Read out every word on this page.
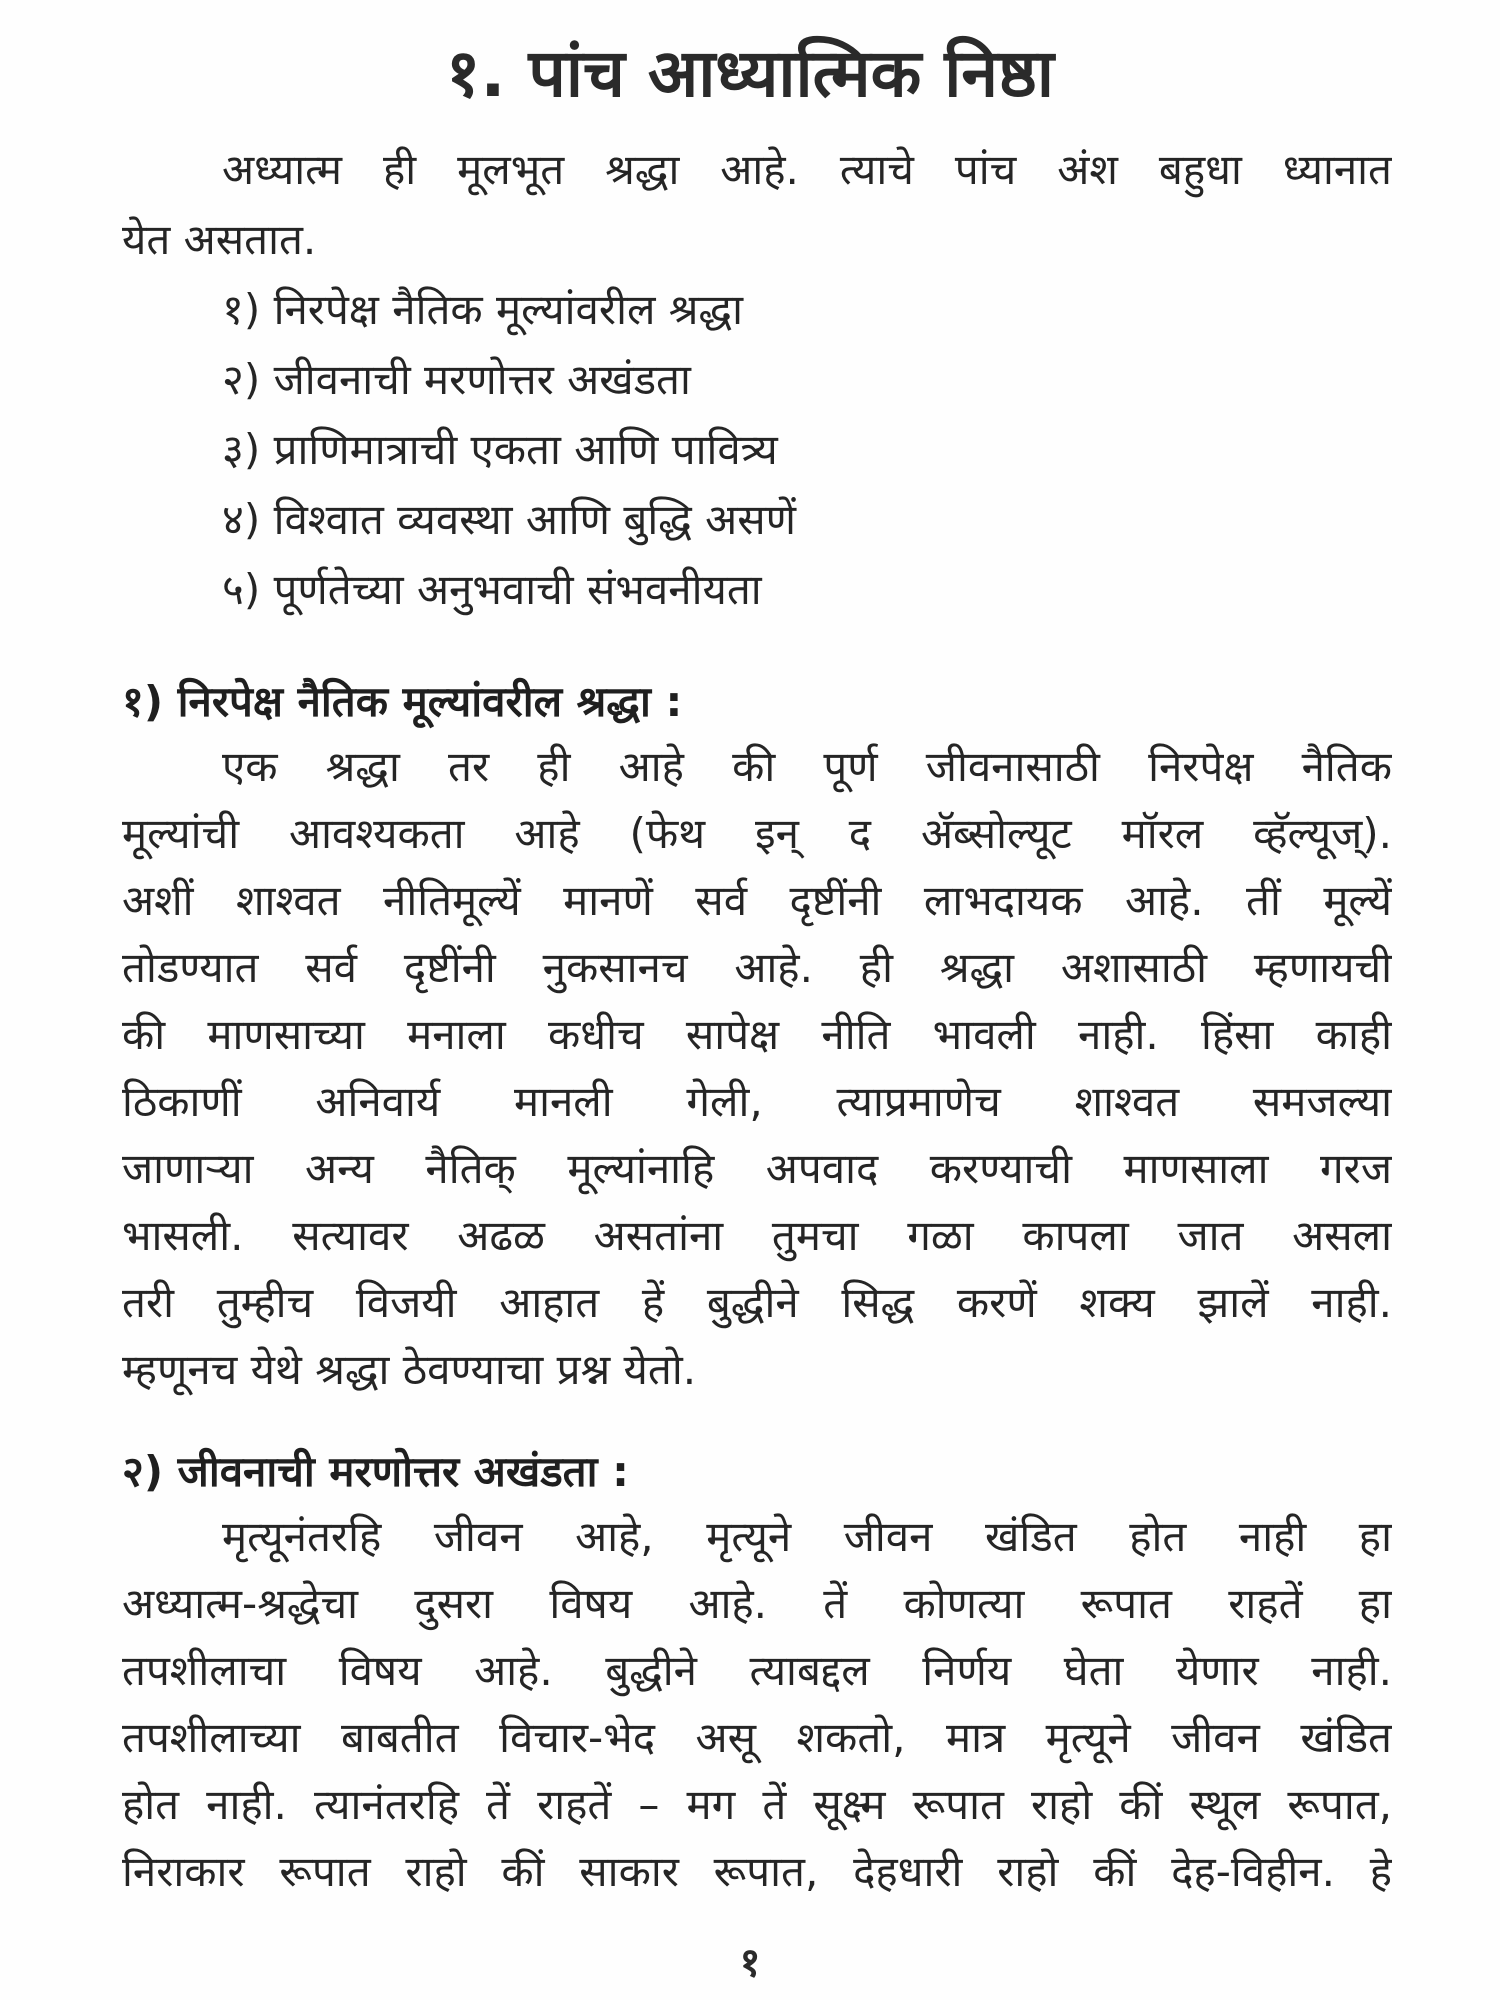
१. पांच आध्यात्मिक निष्ठा
अध्यात्म ही मूलभूत श्रद्धा आहे. त्याचे पांच अंश बहुधा ध्यानात
येत असतात.
१) निरपेक्ष नैतिक मूल्यांवरील श्रद्धा
२) जीवनाची मरणोत्तर अखंडता
३) प्राणिमात्राची एकता आणि पावित्र्य
४) विश्वात व्यवस्था आणि बुद्धि असणें
५) पूर्णतेच्या अनुभवाची संभवनीयता
१) निरपेक्ष नैतिक मूल्यांवरील श्रद्धा :
एक श्रद्धा तर ही आहे की पूर्ण जीवनासाठी निरपेक्ष नैतिक
मूल्यांची आवश्यकता आहे (फेथ इन् द ॲब्सोल्यूट मॉरल व्हॅल्यूज्).
अशीं शाश्वत नीतिमूल्यें मानणें सर्व दृष्टींनी लाभदायक आहे. तीं मूल्यें
तोडण्यात सर्व दृष्टींनी नुकसानच आहे. ही श्रद्धा अशासाठी म्हणायची
की माणसाच्या मनाला कधीच सापेक्ष नीति भावली नाही. हिंसा काही
ठिकाणीं अनिवार्य मानली गेली, त्याप्रमाणेच शाश्वत समजल्या
जाणाऱ्या अन्य नैतिक् मूल्यांनाहि अपवाद करण्याची माणसाला गरज
भासली. सत्यावर अढळ असतांना तुमचा गळा कापला जात असला
तरी तुम्हीच विजयी आहात हें बुद्धीने सिद्ध करणें शक्य झालें नाही.
म्हणूनच येथे श्रद्धा ठेवण्याचा प्रश्न येतो.
२) जीवनाची मरणोत्तर अखंडता :
मृत्यूनंतरहि जीवन आहे, मृत्यूने जीवन खंडित होत नाही हा
अध्यात्म-श्रद्धेचा दुसरा विषय आहे. तें कोणत्या रूपात राहतें हा
तपशीलाचा विषय आहे. बुद्धीने त्याबद्दल निर्णय घेता येणार नाही.
तपशीलाच्या बाबतीत विचार-भेद असू शकतो, मात्र मृत्यूने जीवन खंडित
होत नाही. त्यानंतरहि तें राहतें – मग तें सूक्ष्म रूपात राहो कीं स्थूल रूपात,
निराकार रूपात राहो कीं साकार रूपात, देहधारी राहो कीं देह-विहीन. हे
१
